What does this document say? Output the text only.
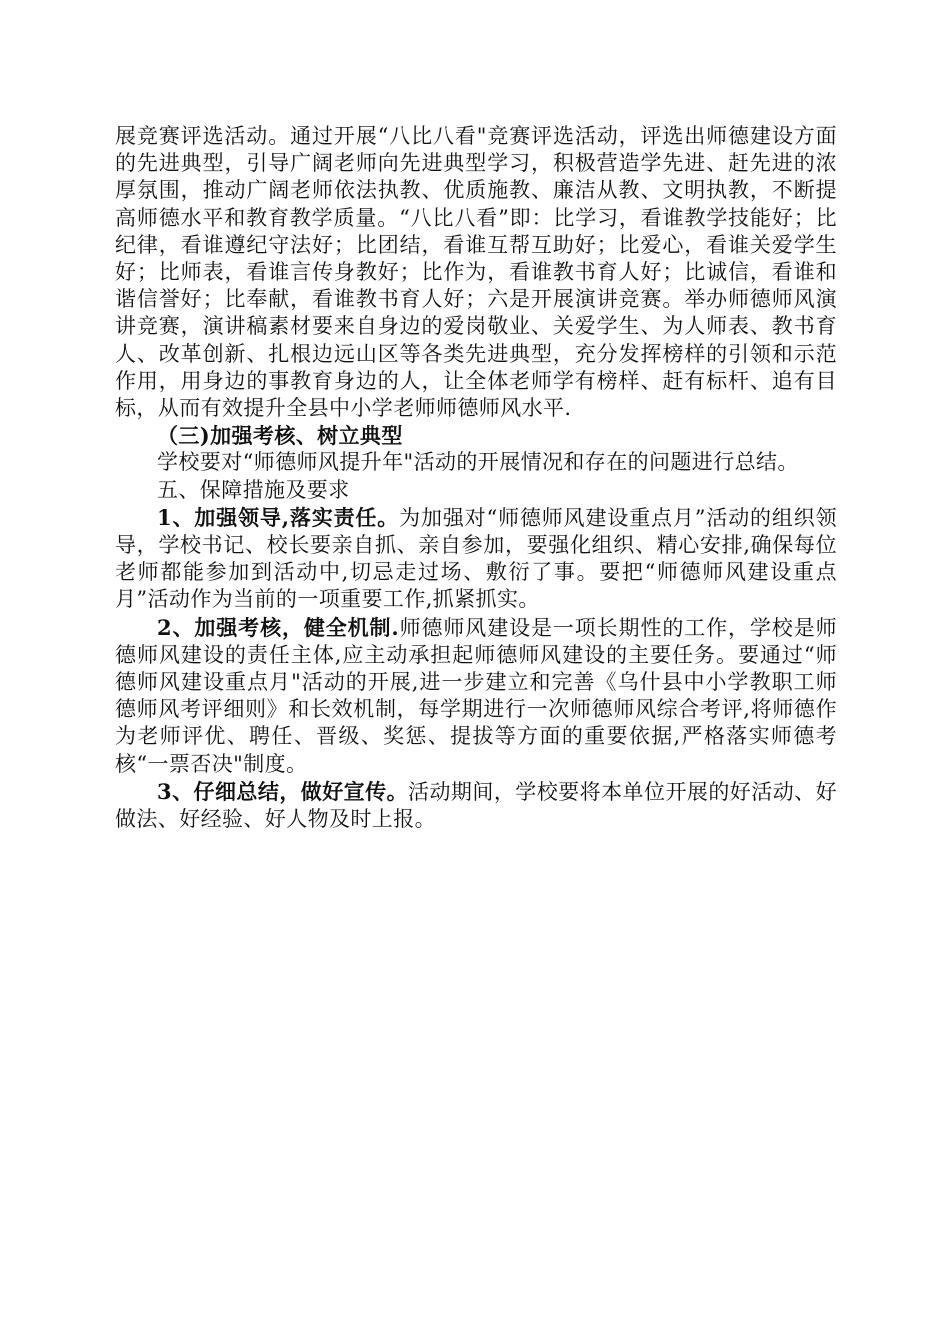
展竞赛评选活动。通过开展“八比八看"竞赛评选活动，评选出师德建设方面的先进典型，引导广阔老师向先进典型学习，积极营造学先进、赶先进的浓厚氛围，推动广阔老师依法执教、优质施教、廉洁从教、文明执教，不断提高师德水平和教育教学质量。“八比八看”即：比学习，看谁教学技能好；比纪律，看谁遵纪守法好；比团结，看谁互帮互助好；比爱心，看谁关爱学生好；比师表，看谁言传身教好；比作为，看谁教书育人好；比诚信，看谁和谐信誉好；比奉献，看谁教书育人好；六是开展演讲竞赛。举办师德师风演讲竞赛，演讲稿素材要来自身边的爱岗敬业、关爱学生、为人师表、教书育人、改革创新、扎根边远山区等各类先进典型，充分发挥榜样的引领和示范作用，用身边的事教育身边的人，让全体老师学有榜样、赶有标杆、追有目标，从而有效提升全县中小学老师师德师风水平.

（三)加强考核、树立典型

学校要对“师德师风提升年"活动的开展情况和存在的问题进行总结。

五、保障措施及要求

1、加强领导,落实责任。为加强对“师德师风建设重点月”活动的组织领导，学校书记、校长要亲自抓、亲自参加，要强化组织、精心安排,确保每位老师都能参加到活动中,切忌走过场、敷衍了事。要把“师德师风建设重点月”活动作为当前的一项重要工作,抓紧抓实。

2、加强考核，健全机制.师德师风建设是一项长期性的工作，学校是师德师风建设的责任主体,应主动承担起师德师风建设的主要任务。要通过“师德师风建设重点月"活动的开展,进一步建立和完善《乌什县中小学教职工师德师风考评细则》和长效机制，每学期进行一次师德师风综合考评,将师德作为老师评优、聘任、晋级、奖惩、提拔等方面的重要依据,严格落实师德考核“一票否决"制度。

3、仔细总结，做好宣传。活动期间，学校要将本单位开展的好活动、好做法、好经验、好人物及时上报。
